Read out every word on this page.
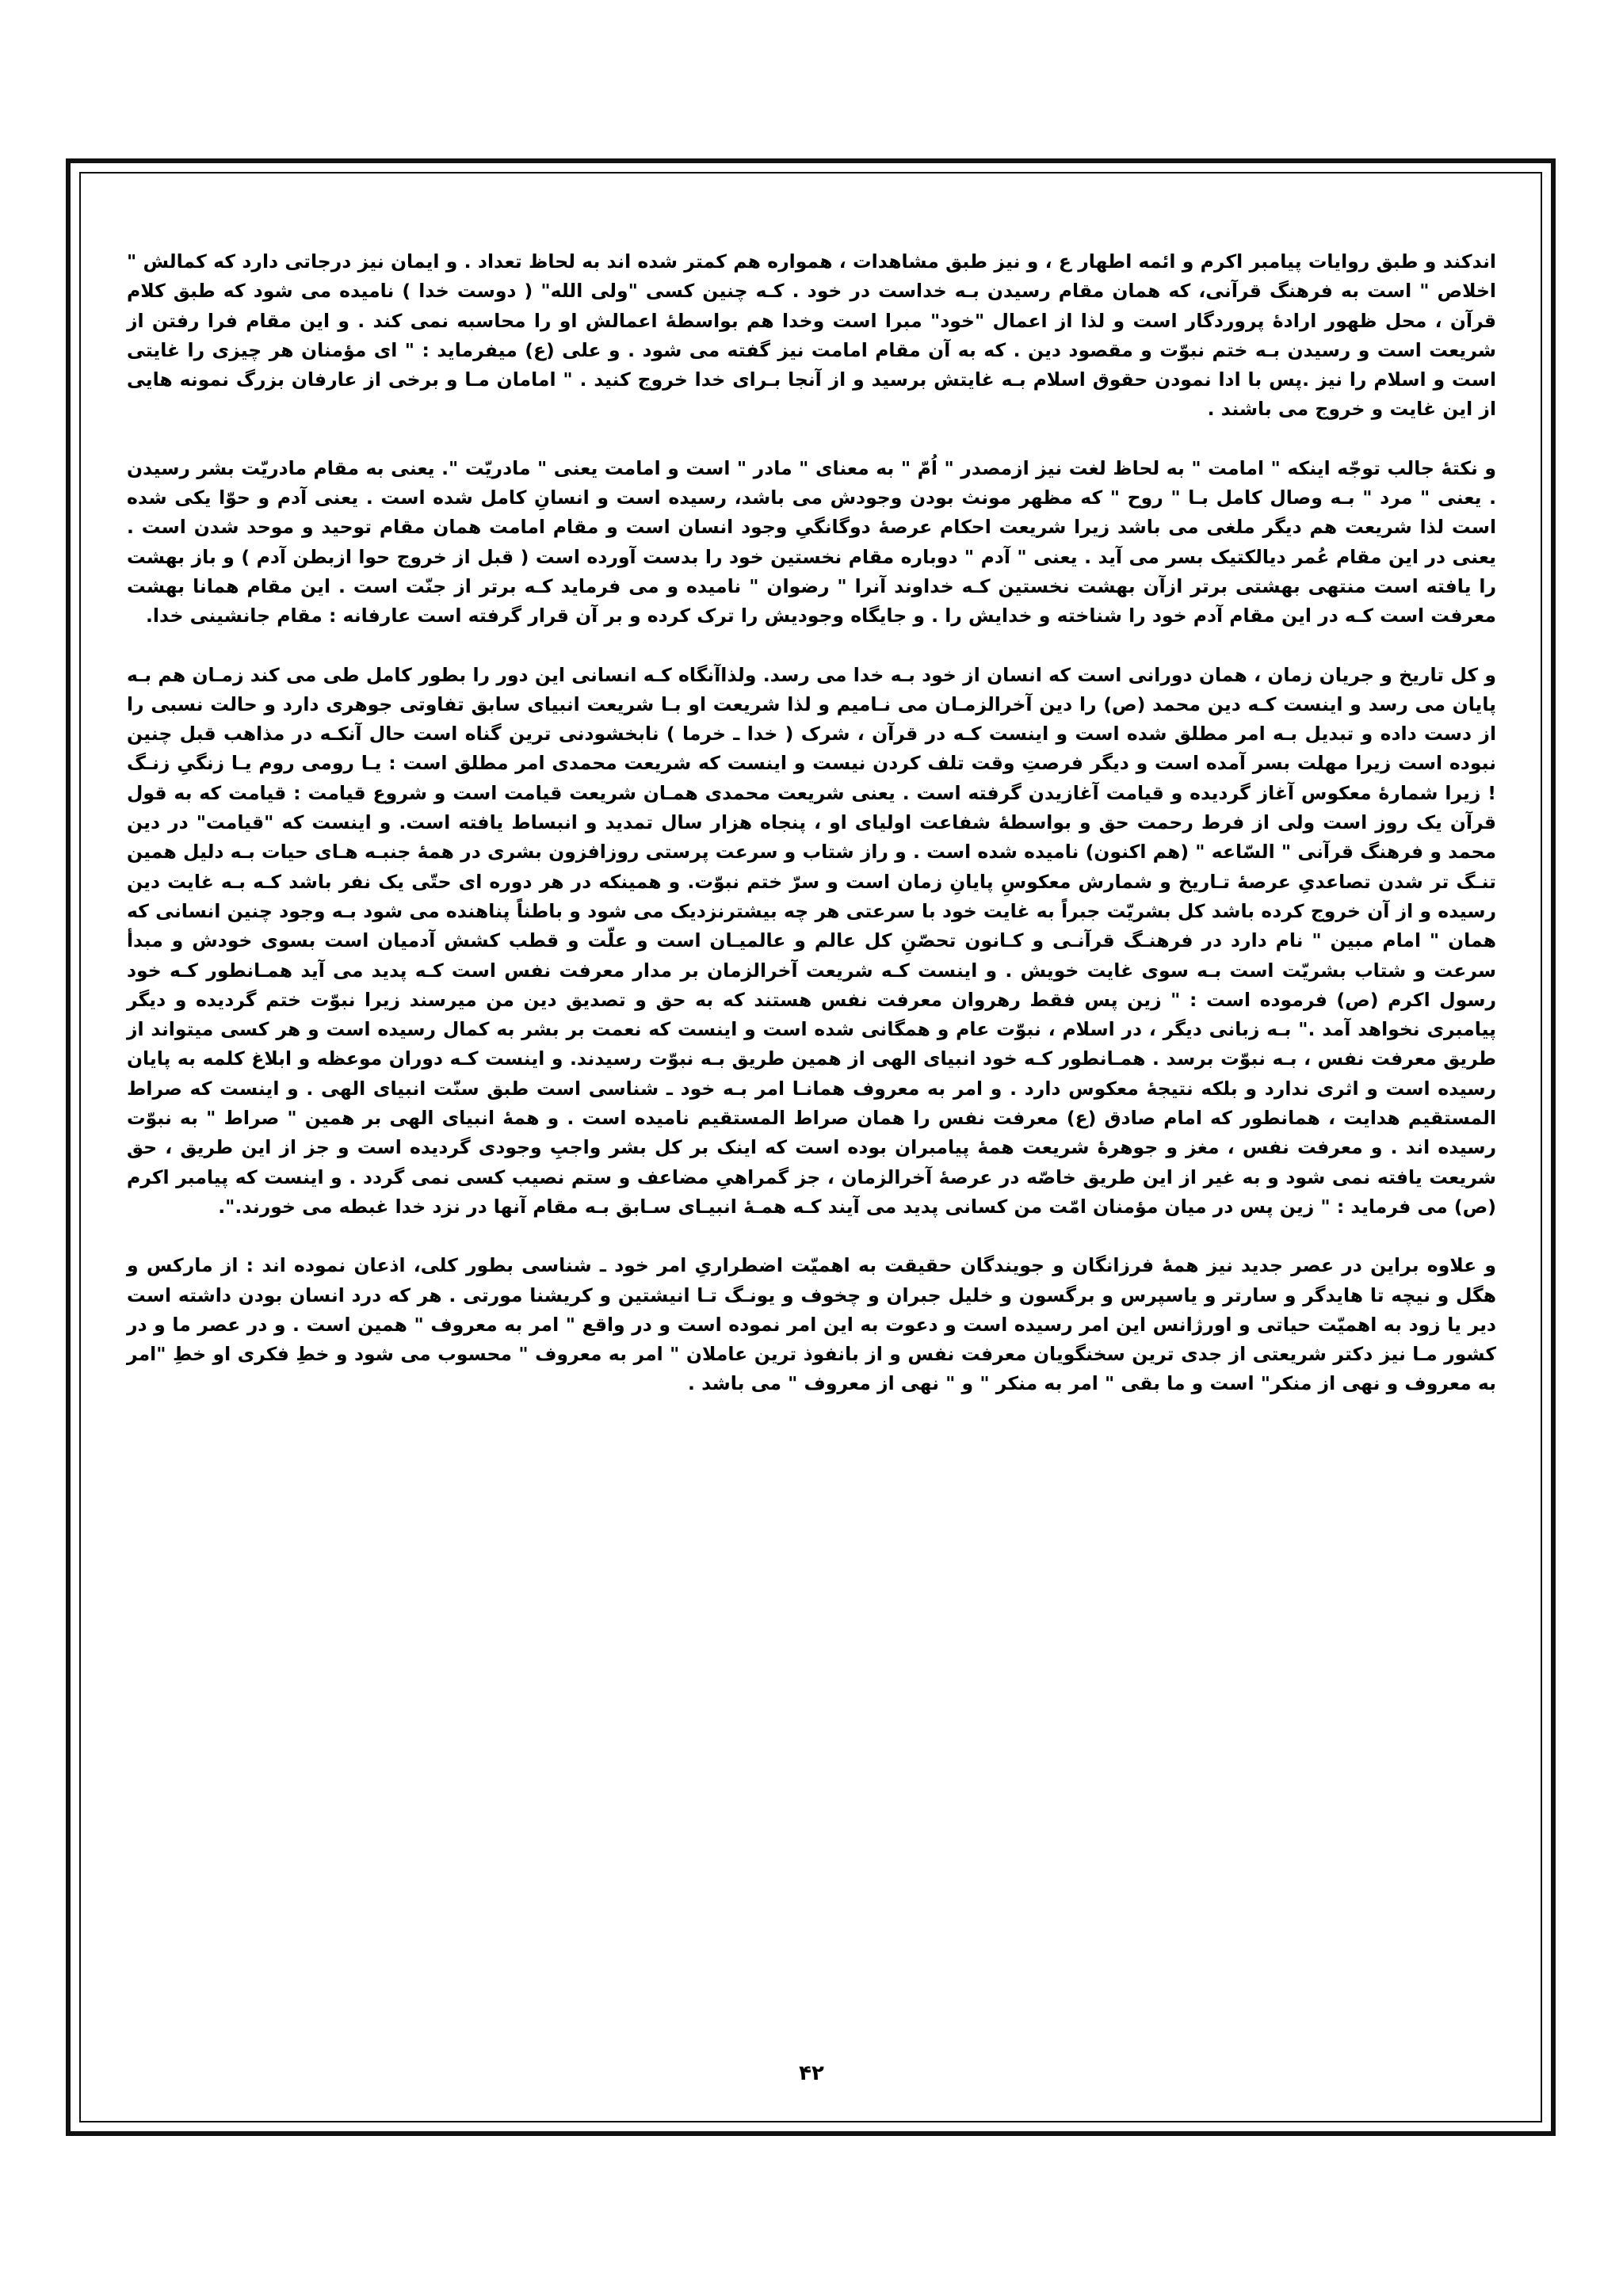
اندکند و طبق روایات پیامبر اکرم و ائمه اطهار ع ، و نیز طبق مشاهدات ، همواره هم کمتر شده اند به لحاظ تعداد . و ایمان نیز درجاتی دارد که کمالش " اخلاص " است به فرهنگ قرآنی، که همان مقام رسیدن بـه خداست در خود . کـه چنین کسی "ولی الله" ( دوست خدا ) نامیده می شود که طبق کلام قرآن ، محل ظهور ارادهٔ پروردگار است و لذا از اعمال "خود" مبرا است وخدا هم بواسطهٔ اعمالش او را محاسبه نمی کند . و این مقام فرا رفتن از شریعت است و رسیدن بـه ختم نبوّت و مقصود دین . که به آن مقام امامت نیز گفته می شود . و علی (ع) میفرماید : " ای مؤمنان هر چیزی را غایتی است و اسلام را نیز .پس با ادا نمودن حقوق اسلام بـه غایتش برسید و از آنجا بـرای خدا خروج کنید . " امامان مـا و برخی از عارفان بزرگ نمونه هایی از این غایت و خروج می باشند .

و نکتهٔ جالب توجّه اینکه " امامت " به لحاظ لغت نیز ازمصدر " اُمّ " به معنای " مادر " است و امامت یعنی " مادریّت ". یعنی به مقام مادریّت بشر رسیدن . یعنی " مرد " بـه وصال کامل بـا " روح " که مظهر مونث بودن وجودش می باشد، رسیده است و انسانِ کامل شده است . یعنی آدم و حوّا یکی شده است لذا شریعت هم دیگر ملغی می باشد زیرا شریعت احکام عرصهٔ دوگانگیِ وجود انسان است و مقام امامت همان مقام توحید و موحد شدن است . یعنی در این مقام عُمر دیالکتیک بسر می آید . یعنی " آدم " دوباره مقام نخستین خود را بدست آورده است ( قبل از خروج حوا ازبطن آدم ) و باز بهشت را یافته است منتهی بهشتی برتر ازآن بهشت نخستین کـه خداوند آنرا " رضوان " نامیده و می فرماید کـه برتر از جنّت است . این مقام همانا بهشت معرفت است کـه در این مقام آدم خود را شناخته و خدایش را . و جایگاه وجودیش را ترک کرده و بر آن قرار گرفته است عارفانه : مقام جانشینی خدا.

و کل تاریخ و جریان زمان ، همان دورانی است که انسان از خود بـه خدا می رسد. ولذاآنگاه کـه انسانی این دور را بطور کامل طی می کند زمـان هم بـه پایان می رسد و اینست کـه دین محمد (ص) را دین آخرالزمـان می نـامیم و لذا شریعت او بـا شریعت انبیای سابق تفاوتی جوهری دارد و حالت نسبی را از دست داده و تبدیل بـه امر مطلق شده است و اینست کـه در قرآن ، شرک ( خدا ـ خرما ) نابخشودنی ترین گناه است حال آنکـه در مذاهب قبل چنین نبوده است زیرا مهلت بسر آمده است و دیگر فرصتِ وقت تلف کردن نیست و اینست که شریعت محمدی امر مطلق است : یـا رومی روم یـا زنگیِ زنـگ ! زیرا شمارهٔ معکوس آغاز گردیده و قیامت آغازیدن گرفته است . یعنی شریعت محمدی همـان شریعت قیامت است و شروع قیامت : قیامت که به قول قرآن یک روز است ولی از فرط رحمت حق و بواسطهٔ شفاعت اولیای او ، پنجاه هزار سال تمدید و انبساط یافته است. و اینست که "قیامت" در دین محمد و فرهنگ قرآنی " السّاعه " (هم اکنون) نامیده شده است . و راز شتاب و سرعت پرستی روزافزون بشری در همهٔ جنبـه هـای حیات بـه دلیل همین تنـگ تر شدن تصاعدیِ عرصهٔ تـاریخ و شمارش معکوسِ پایانِ زمان است و سرّ ختم نبوّت. و همینکه در هر دوره ای حتّی یک نفر باشد کـه بـه غایت دین رسیده و از آن خروج کرده باشد کل بشریّت جبراً به غایت خود با سرعتی هر چه بیشترنزدیک می شود و باطناً پناهنده می شود بـه وجود چنین انسانی که همان " امام مبین " نام دارد در فرهنـگ قرآنـی و کـانون تحصّنِ کل عالم و عالمیـان است و علّت و قطب کشش آدمیان است بسوی خودش و مبدأ سرعت و شتاب بشریّت است بـه سوی غایت خویش . و اینست کـه شریعت آخرالزمان بر مدار معرفت نفس است کـه پدید می آید همـانطور کـه خود رسول اکرم (ص) فرموده است : " زین پس فقط رهروان معرفت نفس هستند که به حق و تصدیق دین من میرسند زیرا نبوّت ختم گردیده و دیگر پیامبری نخواهد آمد ." بـه زبانی دیگر ، در اسلام ، نبوّت عام و همگانی شده است و اینست که نعمت بر بشر به کمال رسیده است و هر کسی میتواند از طریق معرفت نفس ، بـه نبوّت برسد . همـانطور کـه خود انبیای الهی از همین طریق بـه نبوّت رسیدند. و اینست کـه دوران موعظه و ابلاغ کلمه به پایان رسیده است و اثری ندارد و بلکه نتیجهٔ معکوس دارد . و امر به معروف همانـا امر بـه خود ـ شناسی است طبق سنّت انبیای الهی . و اینست که صراط المستقیم هدایت ، همانطور که امام صادق (ع) معرفت نفس را همان صراط المستقیم نامیده است . و همهٔ انبیای الهی بر همین " صراط " به نبوّت رسیده اند . و معرفت نفس ، مغز و جوهرهٔ شریعت همهٔ پیامبران بوده است که اینک بر کل بشر واجبِ وجودی گردیده است و جز از این طریق ، حق شریعت یافته نمی شود و به غیر از این طریق خاصّه در عرصهٔ آخرالزمان ، جز گمراهیِ مضاعف و ستم نصیب کسی نمی گردد . و اینست که پیامبر اکرم (ص) می فرماید : " زین پس در میان مؤمنان امّت من کسانی پدید می آیند کـه همـهٔ انبیـای سـابق بـه مقام آنها در نزد خدا غبطه می خورند.".

و علاوه براین در عصر جدید نیز همهٔ فرزانگان و جویندگان حقیقت به اهمیّت اضطراریِ امر خود ـ شناسی بطور کلی، اذعان نموده اند : از مارکس و هگل و نیچه تا هایدگر و سارتر و یاسپرس و برگسون و خلیل جبران و چخوف و یونـگ تـا انیشتین و کریشنا مورتی . هر که درد انسان بودن داشته است دیر یا زود به اهمیّت حیاتی و اورژانس این امر رسیده است و دعوت به این امر نموده است و در واقع " امر به معروف " همین است . و در عصر ما و در کشور مـا نیز دکتر شریعتی از جدی ترین سخنگویان معرفت نفس و از بانفوذ ترین عاملان " امر به معروف " محسوب می شود و خطِ فکری او خطِ "امر به معروف و نهی از منکر" است و ما بقی " امر به منکر " و " نهی از معروف " می باشد .

۴۲
